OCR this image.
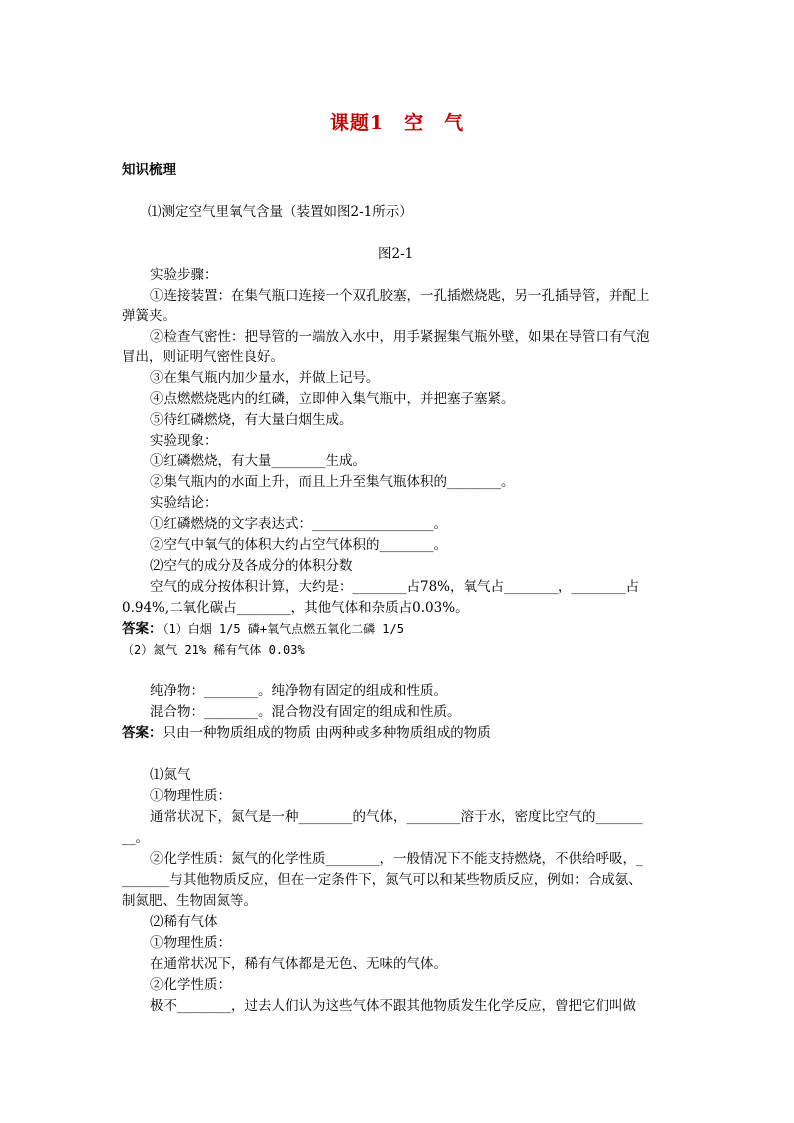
课题1　空　气
知识梳理
⑴测定空气里氧气含量（装置如图2-1所示）
图2-1
实验步骤：
①连接装置：在集气瓶口连接一个双孔胶塞，一孔插燃烧匙，另一孔插导管，并配上
弹簧夹。
②检查气密性：把导管的一端放入水中，用手紧握集气瓶外壁，如果在导管口有气泡
冒出，则证明气密性良好。
③在集气瓶内加少量水，并做上记号。
④点燃燃烧匙内的红磷，立即伸入集气瓶中，并把塞子塞紧。
⑤待红磷燃烧，有大量白烟生成。
实验现象：
①红磷燃烧，有大量________生成。
②集气瓶内的水面上升，而且上升至集气瓶体积的________。
实验结论：
①红磷燃烧的文字表达式：__________________。
②空气中氧气的体积大约占空气体积的________。
⑵空气的成分及各成分的体积分数
空气的成分按体积计算，大约是：________占78%，氧气占________，________占
0.94%,二氧化碳占________，其他气体和杂质占0.03%。
答案：（1）白烟 1/5 磷+氧气点燃五氧化二磷 1/5
（2）氮气 21% 稀有气体 0.03%
纯净物：________。纯净物有固定的组成和性质。
混合物：________。混合物没有固定的组成和性质。
答案：只由一种物质组成的物质 由两种或多种物质组成的物质
⑴氮气
①物理性质：
通常状况下，氮气是一种________的气体，________溶于水，密度比空气的_______
__。
②化学性质：氮气的化学性质________，一般情况下不能支持燃烧，不供给呼吸，_
_______与其他物质反应，但在一定条件下，氮气可以和某些物质反应，例如：合成氨、
制氮肥、生物固氮等。
⑵稀有气体
①物理性质：
在通常状况下，稀有气体都是无色、无味的气体。
②化学性质：
极不________，过去人们认为这些气体不跟其他物质发生化学反应，曾把它们叫做
